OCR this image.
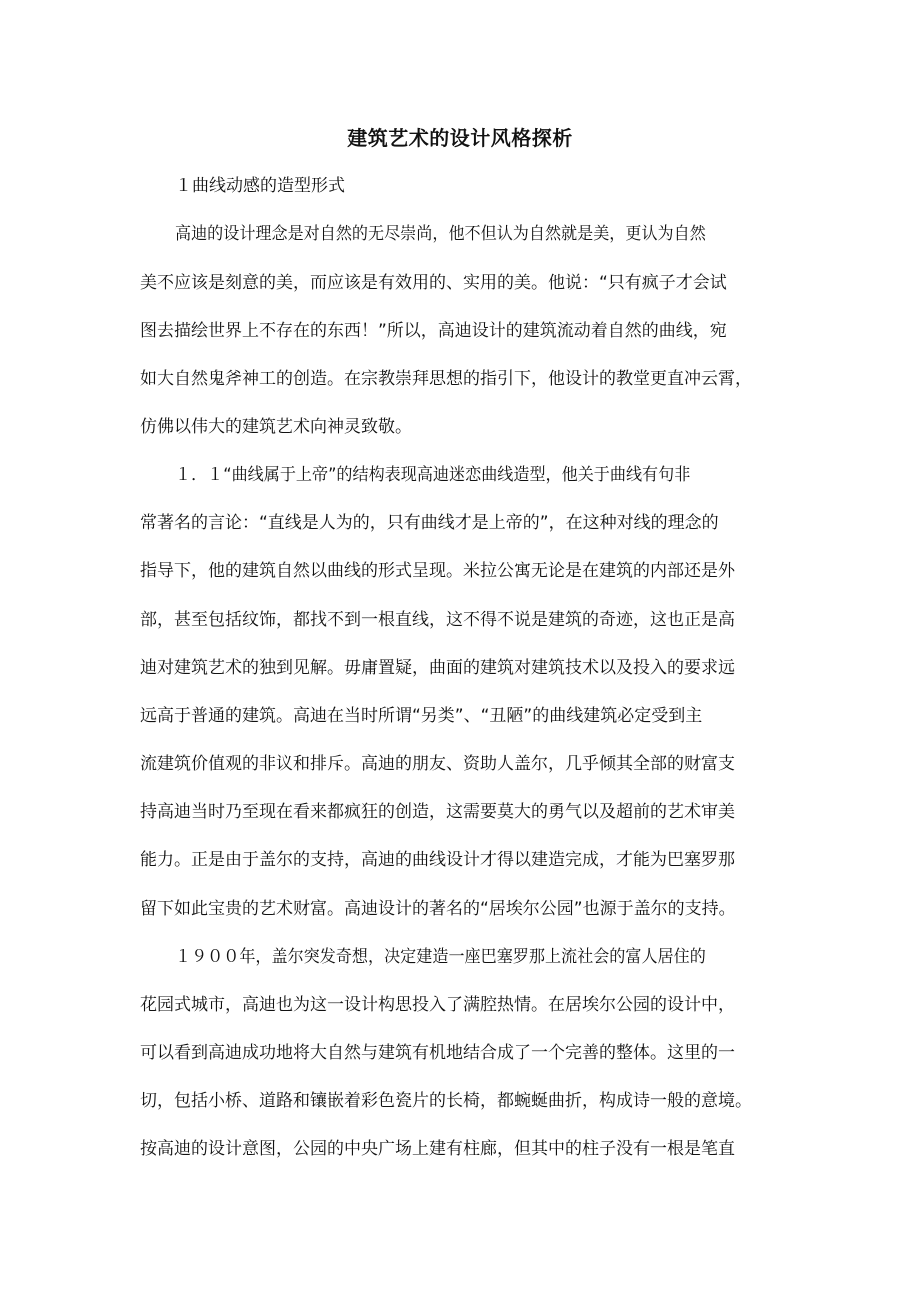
建筑艺术的设计风格探析
１曲线动感的造型形式
高迪的设计理念是对自然的无尽崇尚，他不但认为自然就是美，更认为自然
美不应该是刻意的美，而应该是有效用的、实用的美。他说：“只有疯子才会试
图去描绘世界上不存在的东西！”所以，高迪设计的建筑流动着自然的曲线，宛
如大自然鬼斧神工的创造。在宗教崇拜思想的指引下，他设计的教堂更直冲云霄，
仿佛以伟大的建筑艺术向神灵致敬。
１．１“曲线属于上帝”的结构表现高迪迷恋曲线造型，他关于曲线有句非
常著名的言论：“直线是人为的，只有曲线才是上帝的”，在这种对线的理念的
指导下，他的建筑自然以曲线的形式呈现。米拉公寓无论是在建筑的内部还是外
部，甚至包括纹饰，都找不到一根直线，这不得不说是建筑的奇迹，这也正是高
迪对建筑艺术的独到见解。毋庸置疑，曲面的建筑对建筑技术以及投入的要求远
远高于普通的建筑。高迪在当时所谓“另类”、“丑陋”的曲线建筑必定受到主
流建筑价值观的非议和排斥。高迪的朋友、资助人盖尔，几乎倾其全部的财富支
持高迪当时乃至现在看来都疯狂的创造，这需要莫大的勇气以及超前的艺术审美
能力。正是由于盖尔的支持，高迪的曲线设计才得以建造完成，才能为巴塞罗那
留下如此宝贵的艺术财富。高迪设计的著名的“居埃尔公园”也源于盖尔的支持。
１９００年，盖尔突发奇想，决定建造一座巴塞罗那上流社会的富人居住的
花园式城市，高迪也为这一设计构思投入了满腔热情。在居埃尔公园的设计中，
可以看到高迪成功地将大自然与建筑有机地结合成了一个完善的整体。这里的一
切，包括小桥、道路和镶嵌着彩色瓷片的长椅，都蜿蜒曲折，构成诗一般的意境。
按高迪的设计意图，公园的中央广场上建有柱廊，但其中的柱子没有一根是笔直
